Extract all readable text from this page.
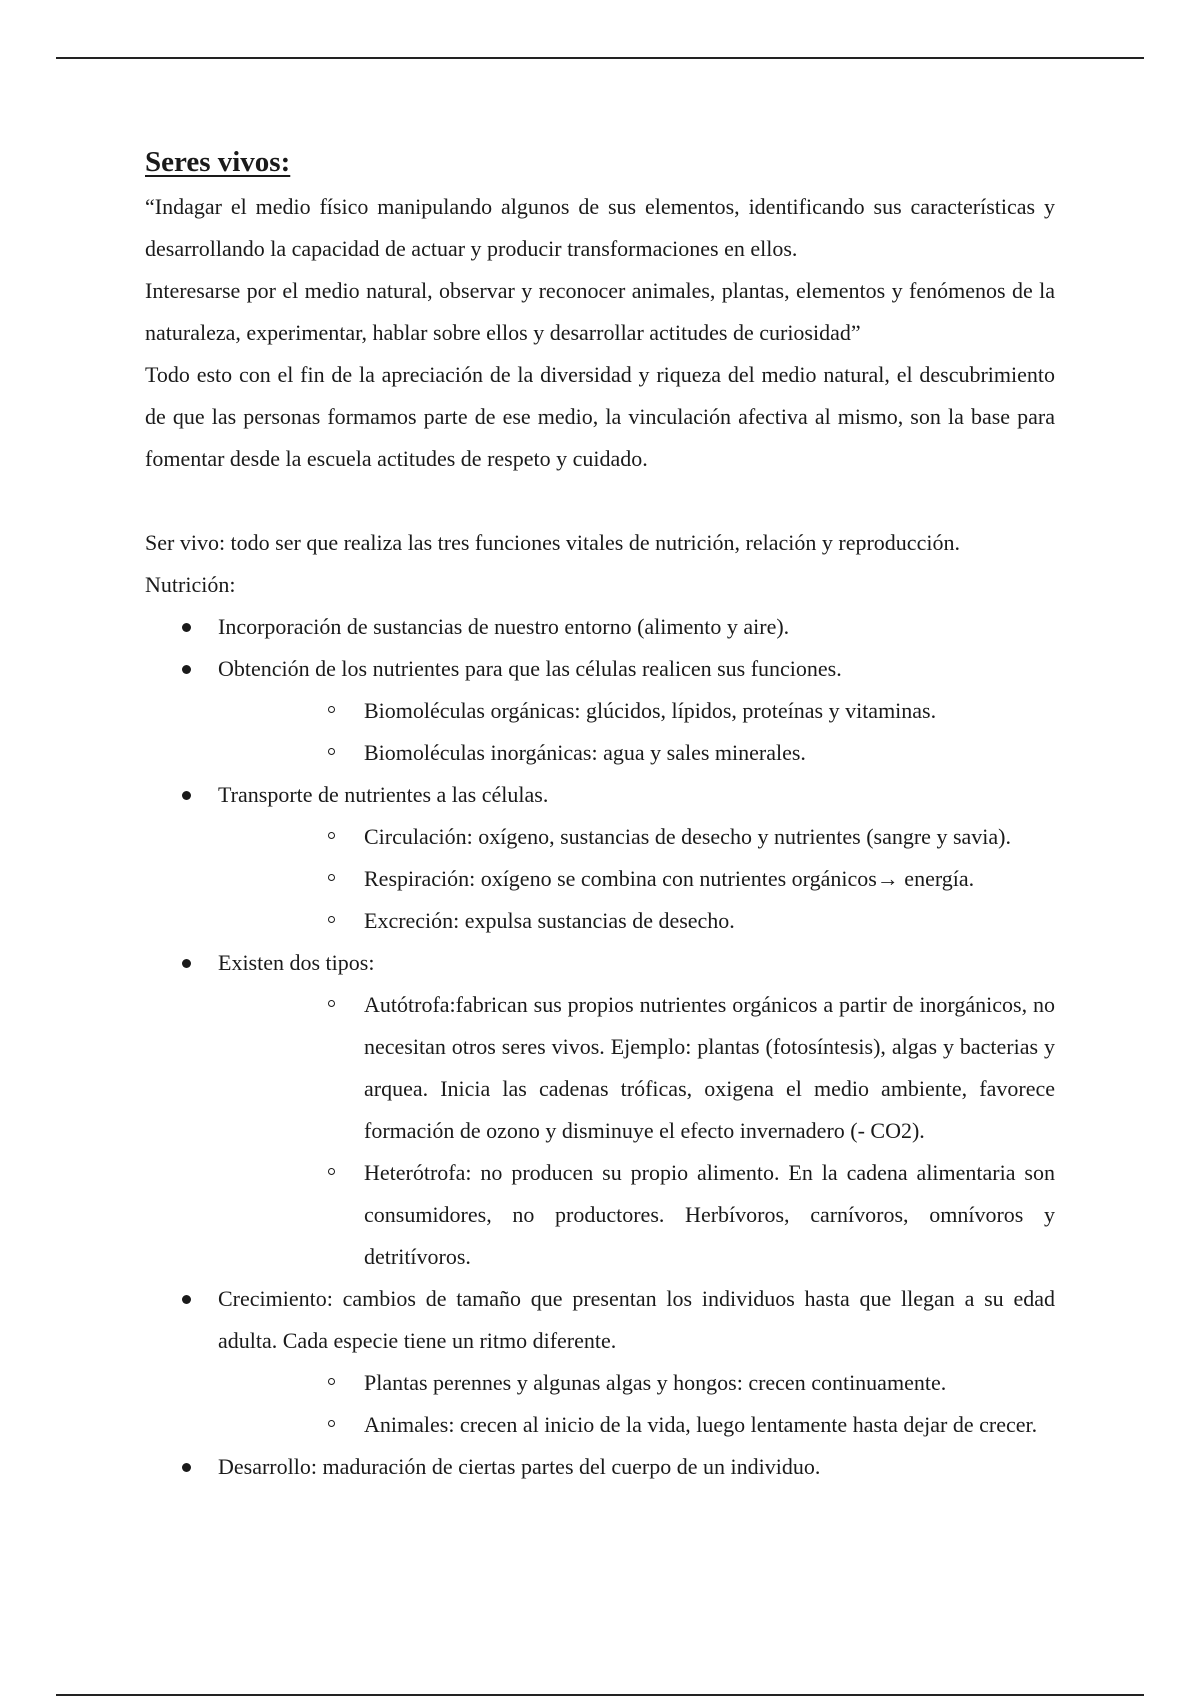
Seres vivos:

“Indagar el medio físico manipulando algunos de sus elementos, identificando sus características y desarrollando la capacidad de actuar y producir transformaciones en ellos.

Interesarse por el medio natural, observar y reconocer animales, plantas, elementos y fenómenos de la naturaleza, experimentar, hablar sobre ellos y desarrollar actitudes de curiosidad”

Todo esto con el fin de la apreciación de la diversidad y riqueza del medio natural, el descubrimiento de que las personas formamos parte de ese medio, la vinculación afectiva al mismo, son la base para fomentar desde la escuela actitudes de respeto y cuidado.

Ser vivo: todo ser que realiza las tres funciones vitales de nutrición, relación y reproducción.

Nutrición:

Incorporación de sustancias de nuestro entorno (alimento y aire).
Obtención de los nutrientes para que las células realicen sus funciones.
Biomoléculas orgánicas: glúcidos, lípidos, proteínas y vitaminas.
Biomoléculas inorgánicas: agua y sales minerales.
Transporte de nutrientes a las células.
Circulación: oxígeno, sustancias de desecho y nutrientes (sangre y savia).
Respiración: oxígeno se combina con nutrientes orgánicos→ energía.
Excreción: expulsa sustancias de desecho.
Existen dos tipos:
Autótrofa:fabrican sus propios nutrientes orgánicos a partir de inorgánicos, no necesitan otros seres vivos. Ejemplo: plantas (fotosíntesis), algas y bacterias y arquea. Inicia las cadenas tróficas, oxigena el medio ambiente, favorece formación de ozono y disminuye el efecto invernadero (- CO2).
Heterótrofa: no producen su propio alimento. En la cadena alimentaria son consumidores, no productores. Herbívoros, carnívoros, omnívoros y detritívoros.
Crecimiento: cambios de tamaño que presentan los individuos hasta que llegan a su edad adulta. Cada especie tiene un ritmo diferente.
Plantas perennes y algunas algas y hongos: crecen continuamente.
Animales: crecen al inicio de la vida, luego lentamente hasta dejar de crecer.
Desarrollo: maduración de ciertas partes del cuerpo de un individuo.
